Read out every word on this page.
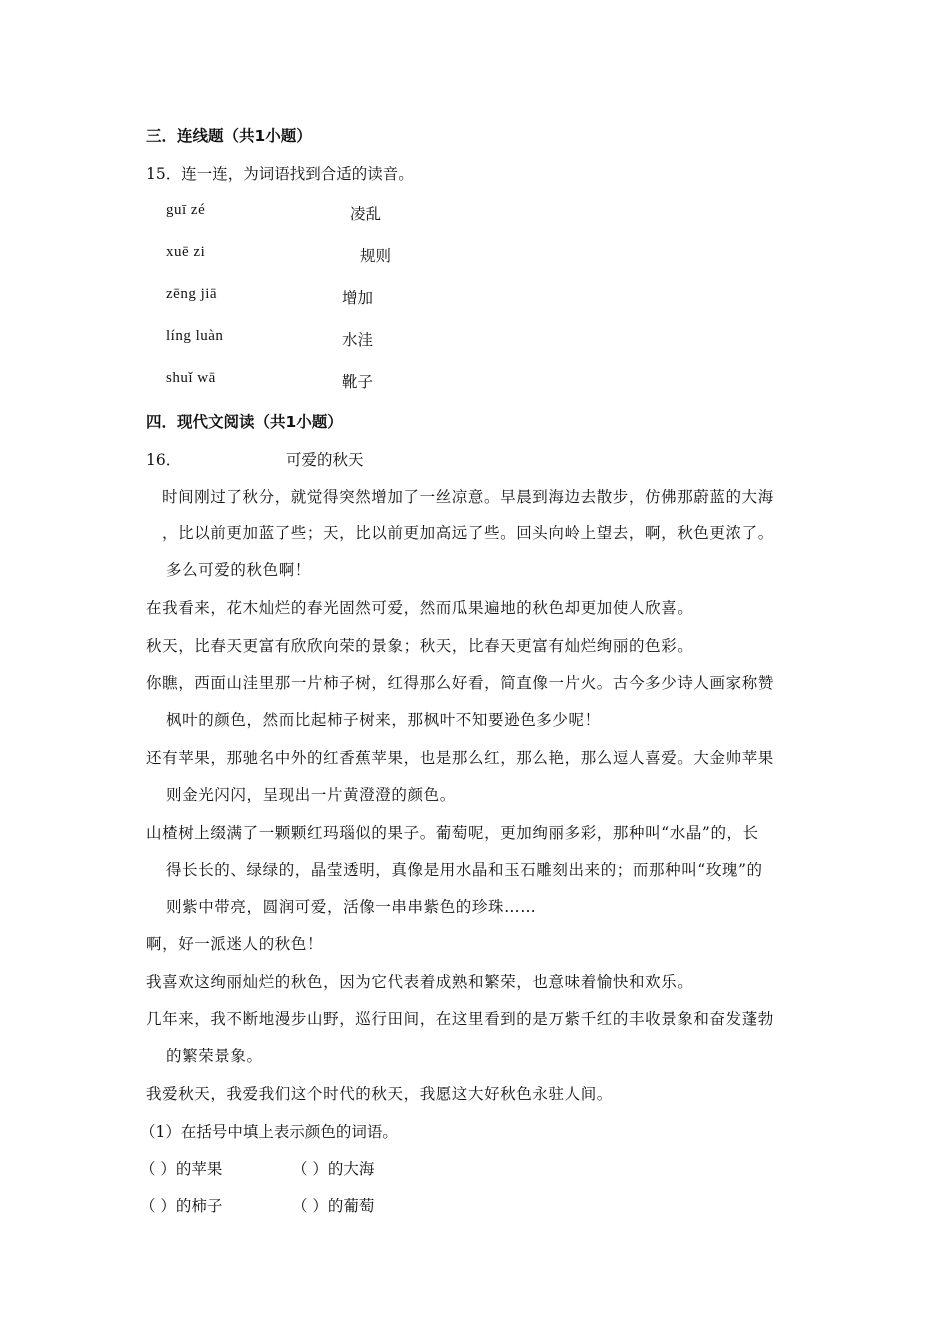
三．连线题（共1小题）
15．连一连，为词语找到合适的读音。
guī zé	凌乱
xuē zi	规则
zēng jiā	增加
líng luàn	水洼
shuǐ wā	靴子
四．现代文阅读（共1小题）
16．	可爱的秋天
时间刚过了秋分，就觉得突然增加了一丝凉意。早晨到海边去散步，仿佛那蔚蓝的大海
，比以前更加蓝了些；天，比以前更加高远了些。回头向岭上望去，啊，秋色更浓了。
多么可爱的秋色啊！
在我看来，花木灿烂的春光固然可爱，然而瓜果遍地的秋色却更加使人欣喜。
秋天，比春天更富有欣欣向荣的景象；秋天，比春天更富有灿烂绚丽的色彩。
你瞧，西面山洼里那一片柿子树，红得那么好看，简直像一片火。古今多少诗人画家称赞
枫叶的颜色，然而比起柿子树来，那枫叶不知要逊色多少呢！
还有苹果，那驰名中外的红香蕉苹果，也是那么红，那么艳，那么逗人喜爱。大金帅苹果
则金光闪闪，呈现出一片黄澄澄的颜色。
山楂树上缀满了一颗颗红玛瑙似的果子。葡萄呢，更加绚丽多彩，那种叫“水晶”的，长
得长长的、绿绿的，晶莹透明，真像是用水晶和玉石雕刻出来的；而那种叫“玫瑰”的
则紫中带亮，圆润可爱，活像一串串紫色的珍珠……
啊，好一派迷人的秋色！
我喜欢这绚丽灿烂的秋色，因为它代表着成熟和繁荣，也意味着愉快和欢乐。
几年来，我不断地漫步山野，巡行田间，在这里看到的是万紫千红的丰收景象和奋发蓬勃
的繁荣景象。
我爱秋天，我爱我们这个时代的秋天，我愿这大好秋色永驻人间。
（1）在括号中填上表示颜色的词语。
（ ）的苹果	（ ）的大海
（ ）的柿子	（ ）的葡萄
